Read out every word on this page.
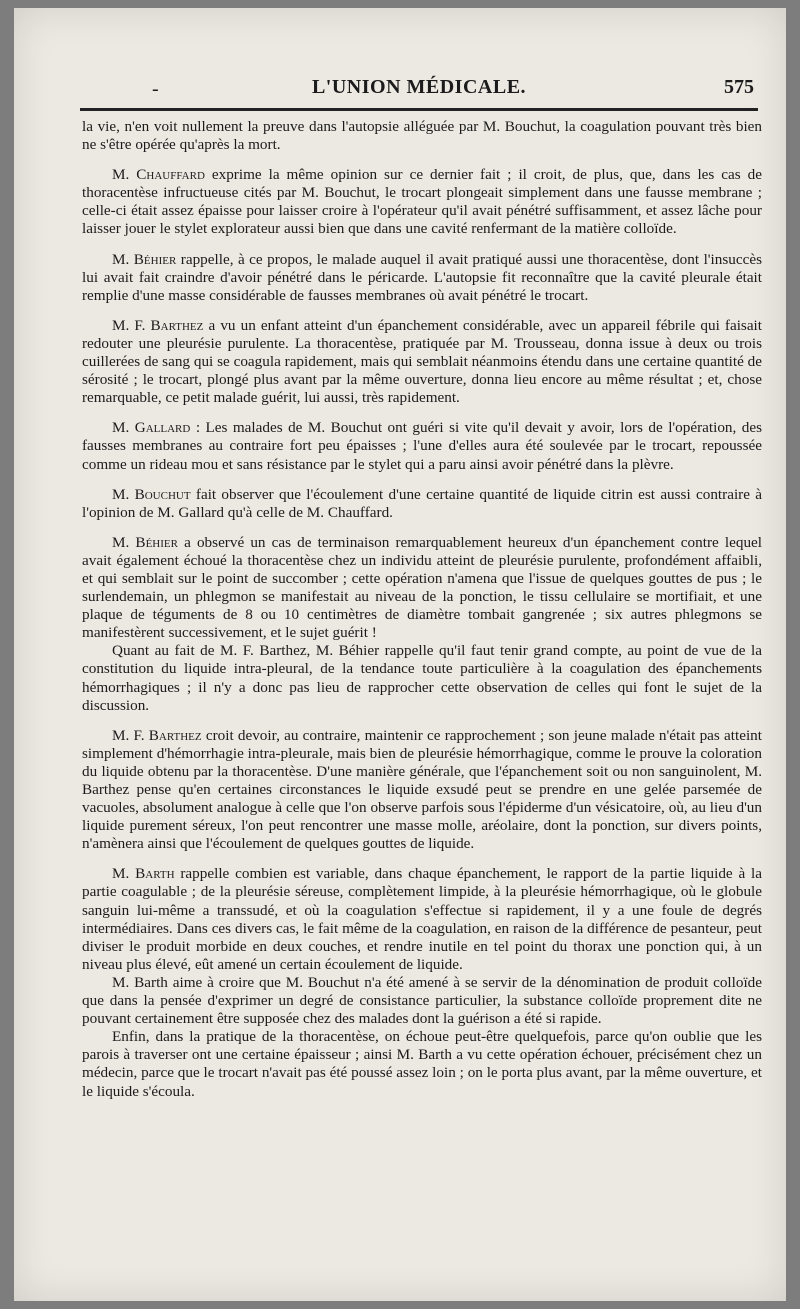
-	L'UNION MÉDICALE.	575

la vie, n'en voit nullement la preuve dans l'autopsie alléguée par M. Bouchut, la coagulation pouvant très bien ne s'être opérée qu'après la mort.

M. Chauffard exprime la même opinion sur ce dernier fait ; il croit, de plus, que, dans les cas de thoracentèse infructueuse cités par M. Bouchut, le trocart plongeait simplement dans une fausse membrane ; celle-ci était assez épaisse pour laisser croire à l'opérateur qu'il avait pénétré suffisamment, et assez lâche pour laisser jouer le stylet explorateur aussi bien que dans une cavité renfermant de la matière colloïde.

M. Béhier rappelle, à ce propos, le malade auquel il avait pratiqué aussi une thoracentèse, dont l'insuccès lui avait fait craindre d'avoir pénétré dans le péricarde. L'autopsie fit reconnaître que la cavité pleurale était remplie d'une masse considérable de fausses membranes où avait pénétré le trocart.

M. F. Barthez a vu un enfant atteint d'un épanchement considérable, avec un appareil fébrile qui faisait redouter une pleurésie purulente. La thoracentèse, pratiquée par M. Trousseau, donna issue à deux ou trois cuillerées de sang qui se coagula rapidement, mais qui semblait néanmoins étendu dans une certaine quantité de sérosité ; le trocart, plongé plus avant par la même ouverture, donna lieu encore au même résultat ; et, chose remarquable, ce petit malade guérit, lui aussi, très rapidement.

M. Gallard : Les malades de M. Bouchut ont guéri si vite qu'il devait y avoir, lors de l'opération, des fausses membranes au contraire fort peu épaisses ; l'une d'elles aura été soulevée par le trocart, repoussée comme un rideau mou et sans résistance par le stylet qui a paru ainsi avoir pénétré dans la plèvre.

M. Bouchut fait observer que l'écoulement d'une certaine quantité de liquide citrin est aussi contraire à l'opinion de M. Gallard qu'à celle de M. Chauffard.

M. Béhier a observé un cas de terminaison remarquablement heureux d'un épanchement contre lequel avait également échoué la thoracentèse chez un individu atteint de pleurésie purulente, profondément affaibli, et qui semblait sur le point de succomber ; cette opération n'amena que l'issue de quelques gouttes de pus ; le surlendemain, un phlegmon se manifestait au niveau de la ponction, le tissu cellulaire se mortifiait, et une plaque de téguments de 8 ou 10 centimètres de diamètre tombait gangrenée ; six autres phlegmons se manifestèrent successivement, et le sujet guérit !

Quant au fait de M. F. Barthez, M. Béhier rappelle qu'il faut tenir grand compte, au point de vue de la constitution du liquide intra-pleural, de la tendance toute particulière à la coagulation des épanchements hémorrhagiques ; il n'y a donc pas lieu de rapprocher cette observation de celles qui font le sujet de la discussion.

M. F. Barthez croit devoir, au contraire, maintenir ce rapprochement ; son jeune malade n'était pas atteint simplement d'hémorrhagie intra-pleurale, mais bien de pleurésie hémorrhagique, comme le prouve la coloration du liquide obtenu par la thoracentèse. D'une manière générale, que l'épanchement soit ou non sanguinolent, M. Barthez pense qu'en certaines circonstances le liquide exsudé peut se prendre en une gelée parsemée de vacuoles, absolument analogue à celle que l'on observe parfois sous l'épiderme d'un vésicatoire, où, au lieu d'un liquide purement séreux, l'on peut rencontrer une masse molle, aréolaire, dont la ponction, sur divers points, n'amènera ainsi que l'écoulement de quelques gouttes de liquide.

M. Barth rappelle combien est variable, dans chaque épanchement, le rapport de la partie liquide à la partie coagulable ; de la pleurésie séreuse, complètement limpide, à la pleurésie hémorrhagique, où le globule sanguin lui-même a transsudé, et où la coagulation s'effectue si rapidement, il y a une foule de degrés intermédiaires. Dans ces divers cas, le fait même de la coagulation, en raison de la différence de pesanteur, peut diviser le produit morbide en deux couches, et rendre inutile en tel point du thorax une ponction qui, à un niveau plus élevé, eût amené un certain écoulement de liquide.

M. Barth aime à croire que M. Bouchut n'a été amené à se servir de la dénomination de produit colloïde que dans la pensée d'exprimer un degré de consistance particulier, la substance colloïde proprement dite ne pouvant certainement être supposée chez des malades dont la guérison a été si rapide.

Enfin, dans la pratique de la thoracentèse, on échoue peut-être quelquefois, parce qu'on oublie que les parois à traverser ont une certaine épaisseur ; ainsi M. Barth a vu cette opération échouer, précisément chez un médecin, parce que le trocart n'avait pas été poussé assez loin ; on le porta plus avant, par la même ouverture, et le liquide s'écoula.
